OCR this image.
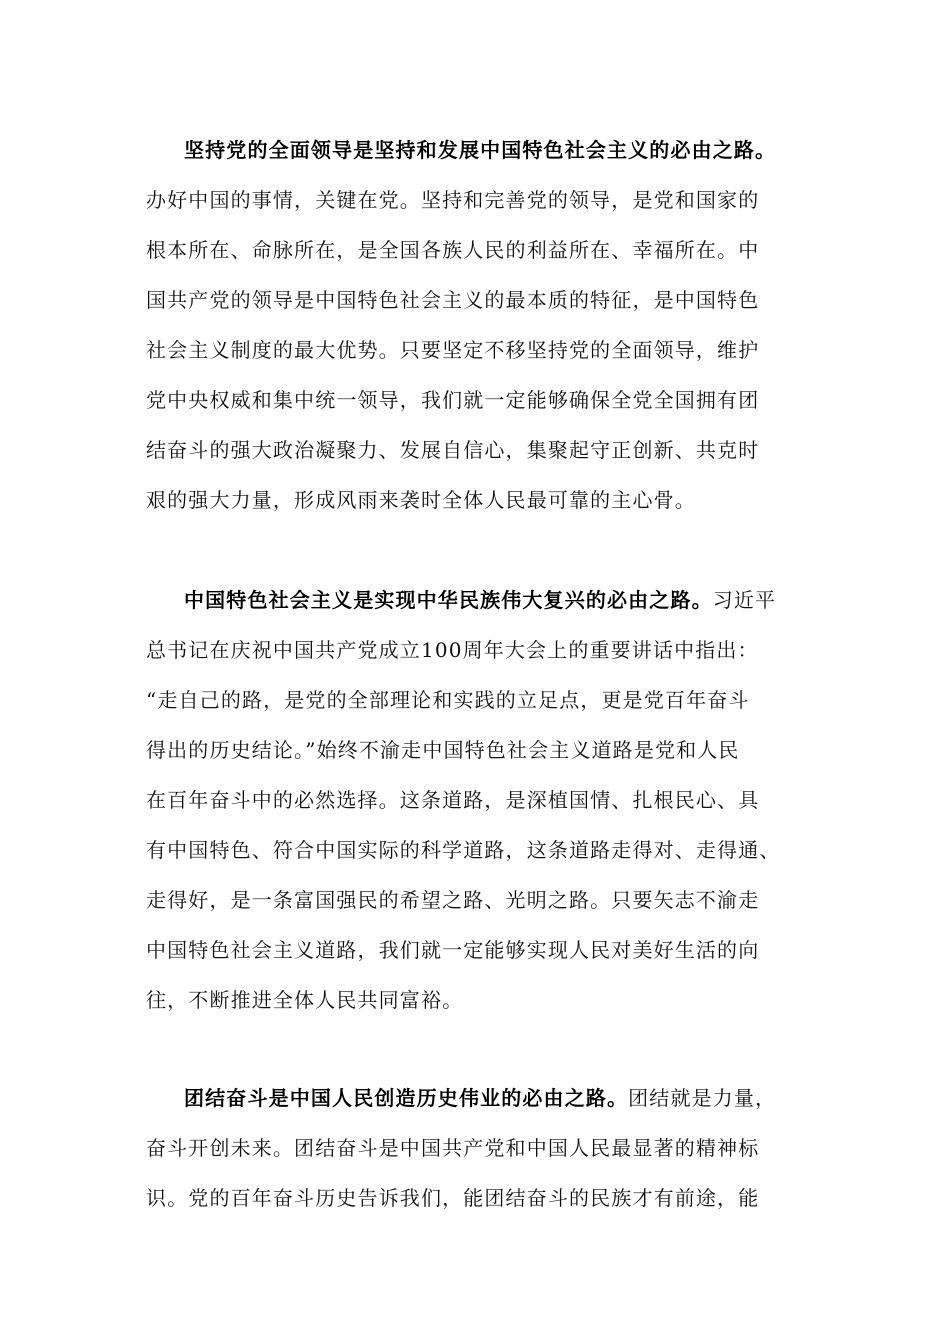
坚持党的全面领导是坚持和发展中国特色社会主义的必由之路。
办好中国的事情，关键在党。坚持和完善党的领导，是党和国家的
根本所在、命脉所在，是全国各族人民的利益所在、幸福所在。中
国共产党的领导是中国特色社会主义的最本质的特征，是中国特色
社会主义制度的最大优势。只要坚定不移坚持党的全面领导，维护
党中央权威和集中统一领导，我们就一定能够确保全党全国拥有团
结奋斗的强大政治凝聚力、发展自信心，集聚起守正创新、共克时
艰的强大力量，形成风雨来袭时全体人民最可靠的主心骨。
中国特色社会主义是实现中华民族伟大复兴的必由之路。习近平
总书记在庆祝中国共产党成立100周年大会上的重要讲话中指出：
“走自己的路，是党的全部理论和实践的立足点，更是党百年奋斗
得出的历史结论。”始终不渝走中国特色社会主义道路是党和人民
在百年奋斗中的必然选择。这条道路，是深植国情、扎根民心、具
有中国特色、符合中国实际的科学道路，这条道路走得对、走得通、
走得好，是一条富国强民的希望之路、光明之路。只要矢志不渝走
中国特色社会主义道路，我们就一定能够实现人民对美好生活的向
往，不断推进全体人民共同富裕。
团结奋斗是中国人民创造历史伟业的必由之路。团结就是力量，
奋斗开创未来。团结奋斗是中国共产党和中国人民最显著的精神标
识。党的百年奋斗历史告诉我们，能团结奋斗的民族才有前途，能
